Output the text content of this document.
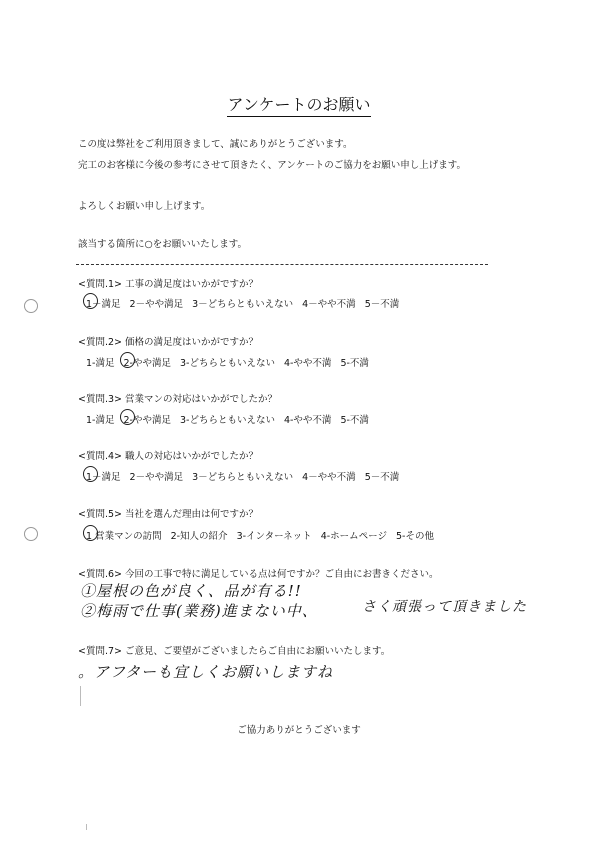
アンケートのお願い
この度は弊社をご利用頂きまして、誠にありがとうございます。
完工のお客様に今後の参考にさせて頂きたく、アンケートのご協力をお願い申し上げます。
よろしくお願い申し上げます。
該当する箇所に○をお願いいたします。
<質問.1> 工事の満足度はいかがですか？
1－満足 2－やや満足 3－どちらともいえない 4－やや不満 5－不満
<質問.2> 価格の満足度はいかがですか？
1-満足 2-やや満足 3-どちらともいえない 4-やや不満 5-不満
<質問.3> 営業マンの対応はいかがでしたか？
1-満足 2-やや満足 3-どちらともいえない 4-やや不満 5-不満
<質問.4> 職人の対応はいかがでしたか？
1－満足 2－やや満足 3－どちらともいえない 4－やや不満 5－不満
<質問.5> 当社を選んだ理由は何ですか？
1 営業マンの訪問 2-知人の紹介 3-インターネット 4-ホームページ 5-その他
<質問.6> 今回の工事で特に満足している点は何ですか？ご自由にお書きください。
①屋根の色が良く、品が有る!!
②梅雨で仕事(業務)進まない中、	さく頑張って頂きました
<質問.7> ご意見、ご要望がございましたらご自由にお願いいたします。
。アフターも宜しくお願いしますね
ご協力ありがとうございます
